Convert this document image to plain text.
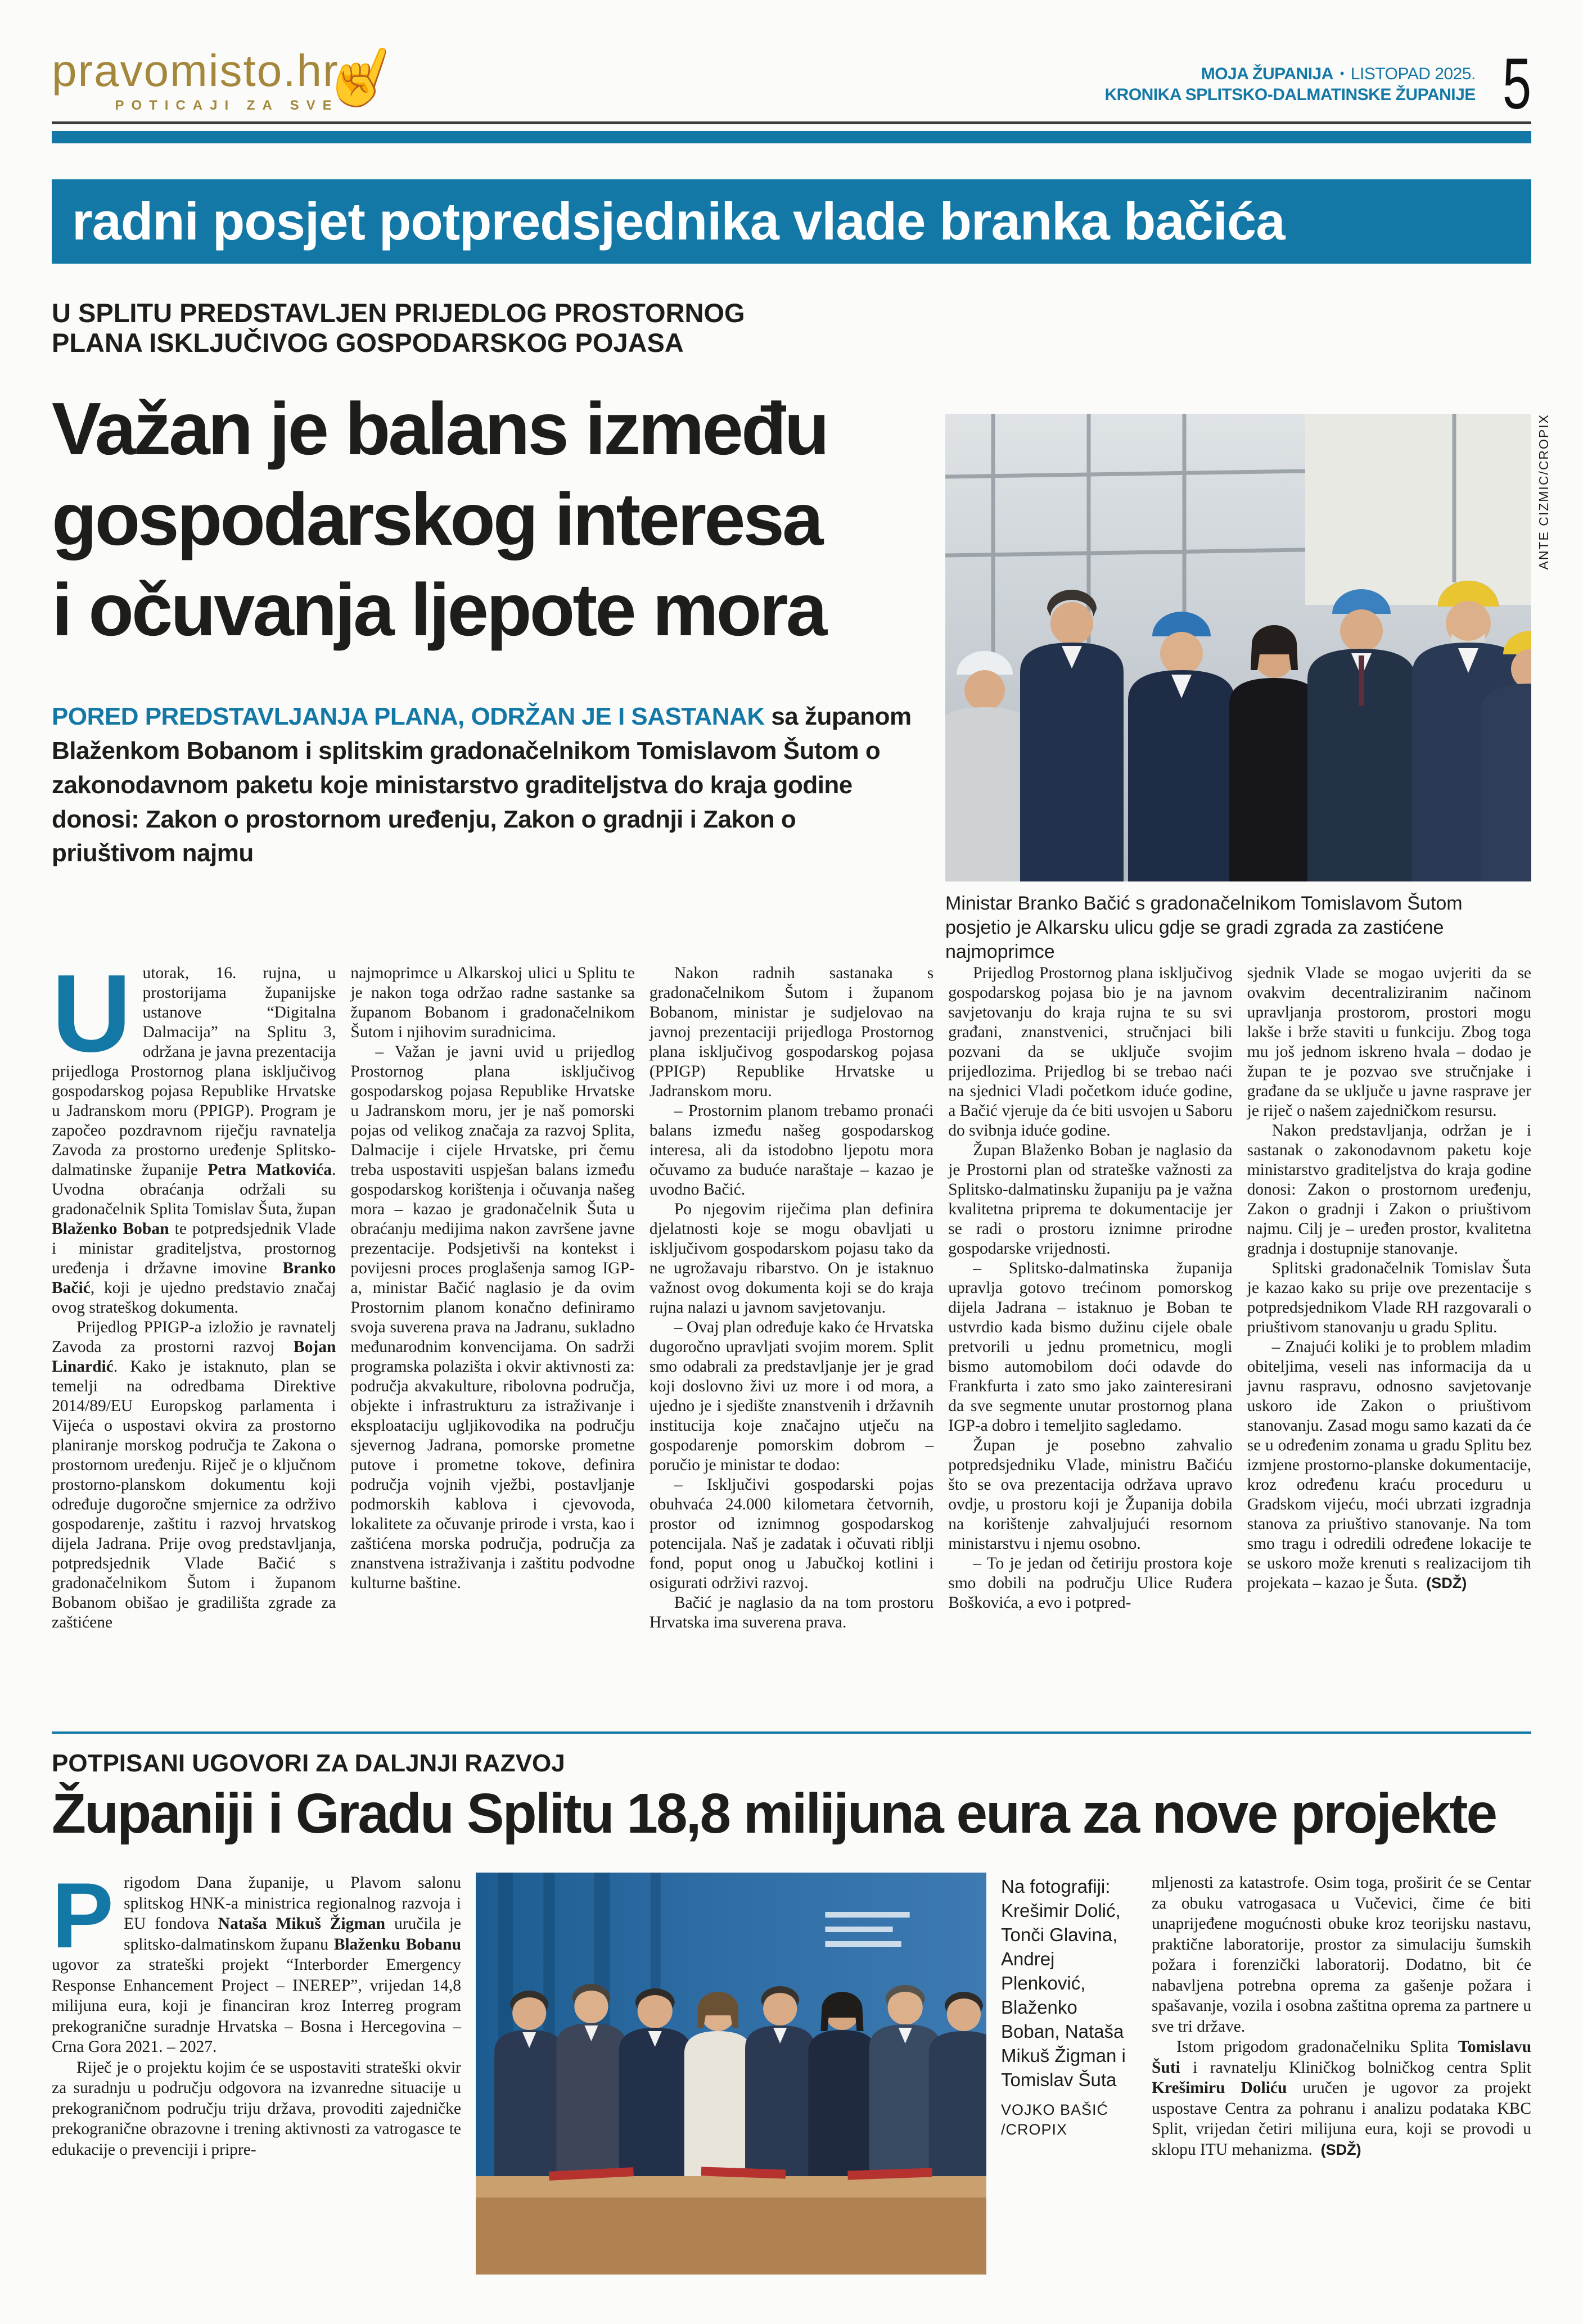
pravomisto.hr
☝
POTICAJI ZA SVE
MOJA ŽUPANIJA • LISTOPAD 2025.
KRONIKA SPLITSKO-DALMATINSKE ŽUPANIJE 5
radni posjet potpredsjednika vlade branka bačića
U SPLITU PREDSTAVLJEN PRIJEDLOG PROSTORNOG
PLANA ISKLJUČIVOG GOSPODARSKOG POJASA
Važan je balans između
gospodarskog interesa
i očuvanja ljepote mora
PORED PREDSTAVLJANJA PLANA, ODRŽAN JE I SASTANAK sa županom Blaženkom Bobanom i splitskim gradonačelnikom Tomislavom Šutom o zakonodavnom paketu koje ministarstvo graditeljstva do kraja godine donosi: Zakon o prostornom uređenju, Zakon o gradnji i Zakon o priuštivom najmu
ANTE CIZMIC/CROPIX
Ministar Branko Bačić s gradonačelnikom Tomislavom Šutom posjetio je Alkarsku ulicu gdje se gradi zgrada za zastićene najmoprimce

Uutorak, 16. rujna, u prostorijama županijske ustanove “Digitalna Dalmacija” na Splitu 3, održana je javna prezentacija prijedloga Prostornog plana isključivog gospodarskog pojasa Republike Hrvatske u Jadranskom moru (PPIGP). Program je započeo pozdravnom riječju ravnatelja Zavoda za prostorno uređenje Splitsko-dalmatinske županije Petra Matkovića. Uvodna obraćanja održali su gradonačelnik Splita Tomislav Šuta, župan Blaženko Boban te potpredsjednik Vlade i ministar graditeljstva, prostornog uređenja i državne imovine Branko Bačić, koji je ujedno predstavio značaj ovog strateškog dokumenta.

Prijedlog PPIGP-a izložio je ravnatelj Zavoda za prostorni razvoj Bojan Linardić. Kako je istaknuto, plan se temelji na odredbama Direktive 2014/89/EU Europskog parlamenta i Vijeća o uspostavi okvira za prostorno planiranje morskog područja te Zakona o prostornom uređenju. Riječ je o ključnom prostorno-planskom dokumentu koji određuje dugoročne smjernice za održivo gospodarenje, zaštitu i razvoj hrvatskog dijela Jadrana. Prije ovog predstavljanja, potpredsjednik Vlade Bačić s gradonačelnikom Šutom i županom Bobanom obišao je gradilišta zgrade za zaštićene

najmoprimce u Alkarskoj ulici u Splitu te je nakon toga održao radne sastanke sa županom Bobanom i gradonačelnikom Šutom i njihovim suradnicima.

– Važan je javni uvid u prijedlog Prostornog plana isključivog gospodarskog pojasa Republike Hrvatske u Jadranskom moru, jer je naš pomorski pojas od velikog značaja za razvoj Splita, Dalmacije i cijele Hrvatske, pri čemu treba uspostaviti uspješan balans između gospodarskog korištenja i očuvanja našeg mora – kazao je gradonačelnik Šuta u obraćanju medijima nakon završene javne prezentacije. Podsjetivši na kontekst i povijesni proces proglašenja samog IGP-a, ministar Bačić naglasio je da ovim Prostornim planom konačno definiramo svoja suverena prava na Jadranu, sukladno međunarodnim konvencijama. On sadrži programska polazišta i okvir aktivnosti za: područja akvakulture, ribolovna područja, objekte i infrastrukturu za istraživanje i eksploataciju ugljikovodika na području sjevernog Jadrana, pomorske prometne putove i prometne tokove, definira područja vojnih vježbi, postavljanje podmorskih kablova i cjevovoda, lokalitete za očuvanje prirode i vrsta, kao i zaštićena morska područja, područja za znanstvena istraživanja i zaštitu podvodne kulturne baštine.

Nakon radnih sastanaka s gradonačelnikom Šutom i županom Bobanom, ministar je sudjelovao na javnoj prezentaciji prijedloga Prostornog plana isključivog gospodarskog pojasa (PPIGP) Republike Hrvatske u Jadranskom moru.

– Prostornim planom trebamo pronaći balans između našeg gospodarskog interesa, ali da istodobno ljepotu mora očuvamo za buduće naraštaje – kazao je uvodno Bačić.

Po njegovim riječima plan definira djelatnosti koje se mogu obavljati u isključivom gospodarskom pojasu tako da ne ugrožavaju ribarstvo. On je istaknuo važnost ovog dokumenta koji se do kraja rujna nalazi u javnom savjetovanju.

– Ovaj plan određuje kako će Hrvatska dugoročno upravljati svojim morem. Split smo odabrali za predstavljanje jer je grad koji doslovno živi uz more i od mora, a ujedno je i sjedište znanstvenih i državnih institucija koje značajno utječu na gospodarenje pomorskim dobrom – poručio je ministar te dodao:

– Isključivi gospodarski pojas obuhvaća 24.000 kilometara četvornih, prostor od iznimnog gospodarskog potencijala. Naš je zadatak i očuvati riblji fond, poput onog u Jabučkoj kotlini i osigurati održivi razvoj.

Bačić je naglasio da na tom prostoru Hrvatska ima suverena prava.

Prijedlog Prostornog plana isključivog gospodarskog pojasa bio je na javnom savjetovanju do kraja rujna te su svi građani, znanstvenici, stručnjaci bili pozvani da se uključe svojim prijedlozima. Prijedlog bi se trebao naći na sjednici Vladi početkom iduće godine, a Bačić vjeruje da će biti usvojen u Saboru do svibnja iduće godine.

Župan Blaženko Boban je naglasio da je Prostorni plan od strateške važnosti za Splitsko-dalmatinsku županiju pa je važna kvalitetna priprema te dokumentacije jer se radi o prostoru iznimne prirodne gospodarske vrijednosti.

– Splitsko-dalmatinska županija upravlja gotovo trećinom pomorskog dijela Jadrana – istaknuo je Boban te ustvrdio kada bismo dužinu cijele obale pretvorili u jednu prometnicu, mogli bismo automobilom doći odavde do Frankfurta i zato smo jako zainteresirani da sve segmente unutar prostornog plana IGP-a dobro i temeljito sagledamo.

Župan je posebno zahvalio potpredsjedniku Vlade, ministru Bačiću što se ova prezentacija održava upravo ovdje, u prostoru koji je Županija dobila na korištenje zahvaljujući resornom ministarstvu i njemu osobno.

– To je jedan od četiriju prostora koje smo dobili na području Ulice Ruđera Boškovića, a evo i potpred-

sjednik Vlade se mogao uvjeriti da se ovakvim decentraliziranim načinom upravljanja prostorom, prostori mogu lakše i brže staviti u funkciju. Zbog toga mu još jednom iskreno hvala – dodao je župan te je pozvao sve stručnjake i građane da se uključe u javne rasprave jer je riječ o našem zajedničkom resursu.

Nakon predstavljanja, održan je i sastanak o zakonodavnom paketu koje ministarstvo graditeljstva do kraja godine donosi: Zakon o prostornom uređenju, Zakon o gradnji i Zakon o priuštivom najmu. Cilj je – uređen prostor, kvalitetna gradnja i dostupnije stanovanje.

Splitski gradonačelnik Tomislav Šuta je kazao kako su prije ove prezentacije s potpredsjednikom Vlade RH razgovarali o priuštivom stanovanju u gradu Splitu.

– Znajući koliki je to problem mladim obiteljima, veseli nas informacija da u javnu raspravu, odnosno savjetovanje uskoro ide Zakon o priuštivom stanovanju. Zasad mogu samo kazati da će se u određenim zonama u gradu Splitu bez izmjene prostorno-planske dokumentacije, kroz određenu kraću proceduru u Gradskom vijeću, moći ubrzati izgradnja stanova za priuštivo stanovanje. Na tom smo tragu i odredili određene lokacije te se uskoro može krenuti s realizacijom tih projekata – kazao je Šuta.  (SDŽ)

POTPISANI UGOVORI ZA DALJNJI RAZVOJ
Županiji i Gradu Splitu 18,8 milijuna eura za nove projekte

Prigodom Dana županije, u Plavom salonu splitskog HNK-a ministrica regionalnog razvoja i EU fondova Nataša Mikuš Žigman uručila je splitsko-dalmatinskom županu Blaženku Bobanu ugovor za strateški projekt “Interborder Emergency Response Enhancement Project – INEREP”, vrijedan 14,8 milijuna eura, koji je financiran kroz Interreg program prekogranične suradnje Hrvatska – Bosna i Hercegovina – Crna Gora 2021. – 2027.

Riječ je o projektu kojim će se uspostaviti strateški okvir za suradnju u području odgovora na izvanredne situacije u prekograničnom području triju država, provoditi zajedničke prekogranične obrazovne i trening aktivnosti za vatrogasce te edukacije o prevenciji i pripre-

Na fotografiji: Krešimir Dolić, Tonči Glavina, Andrej Plenković, Blaženko Boban, Nataša Mikuš Žigman i Tomislav Šuta
VOJKO BAŠIĆ /CROPIX

mljenosti za katastrofe. Osim toga, proširit će se Centar za obuku vatrogasaca u Vučevici, čime će biti unaprijeđene mogućnosti obuke kroz teorijsku nastavu, praktične laboratorije, prostor za simulaciju šumskih požara i forenzički laboratorij. Dodatno, bit će nabavljena potrebna oprema za gašenje požara i spašavanje, vozila i osobna zaštitna oprema za partnere u sve tri države.

Istom prigodom gradonačelniku Splita Tomislavu Šuti i ravnatelju Kliničkog bolničkog centra Split Krešimiru Doliću uručen je ugovor za projekt uspostave Centra za pohranu i analizu podataka KBC Split, vrijedan četiri milijuna eura, koji se provodi u sklopu ITU mehanizma.  (SDŽ)
